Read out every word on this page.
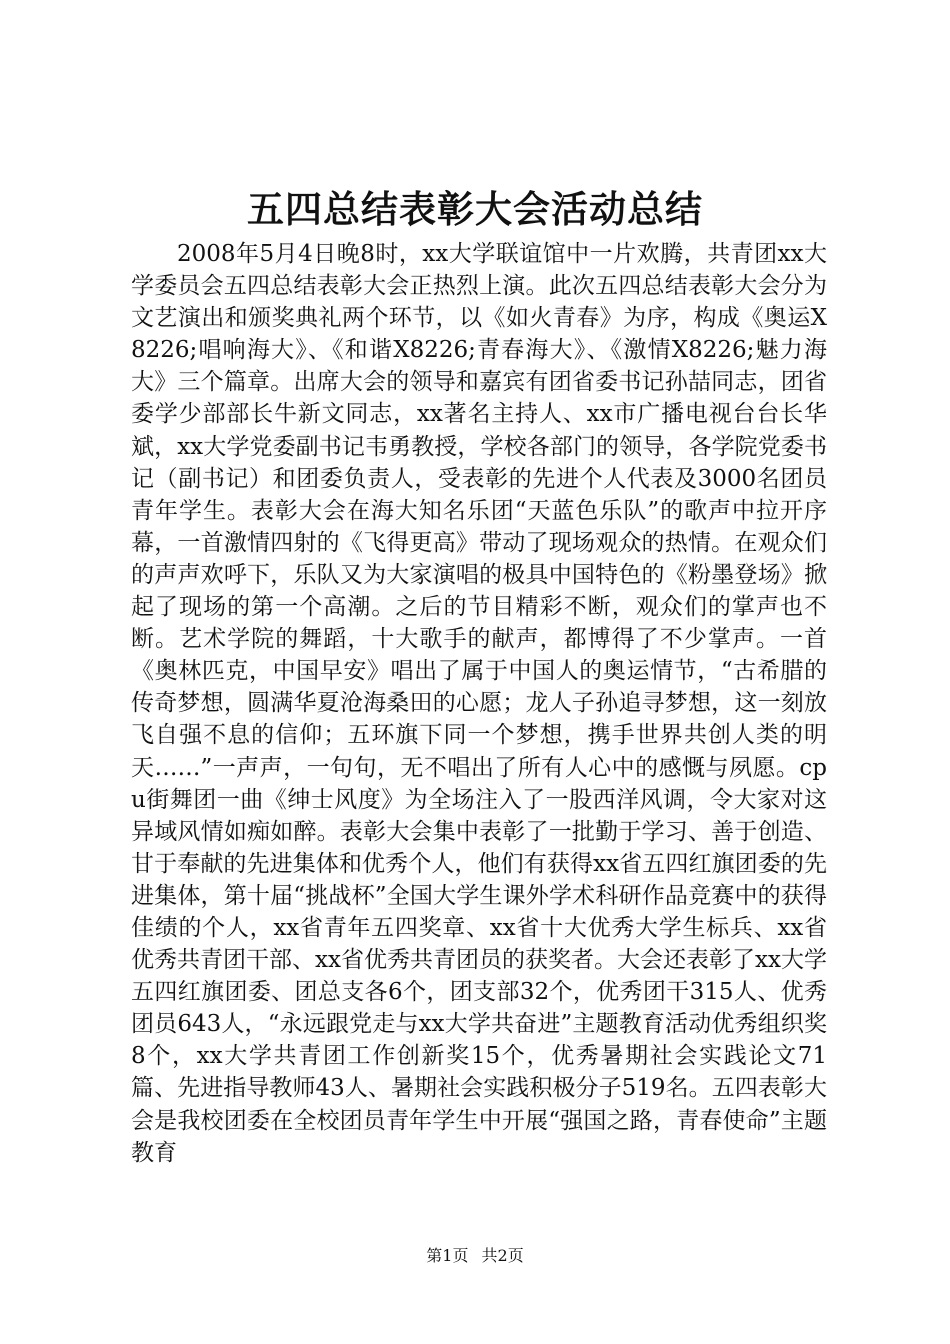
五四总结表彰大会活动总结

2008年5月4日晚8时，xx大学联谊馆中一片欢腾，共青团xx大学委员会五四总结表彰大会正热烈上演。此次五四总结表彰大会分为文艺演出和颁奖典礼两个环节，以《如火青春》为序，构成《奥运X8226;唱响海大》、《和谐X8226;青春海大》、《激情X8226;魅力海大》三个篇章。出席大会的领导和嘉宾有团省委书记孙喆同志，团省委学少部部长牛新文同志，xx著名主持人、xx市广播电视台台长华斌，xx大学党委副书记韦勇教授，学校各部门的领导，各学院党委书记（副书记）和团委负责人，受表彰的先进个人代表及3000名团员青年学生。表彰大会在海大知名乐团“天蓝色乐队”的歌声中拉开序幕，一首激情四射的《飞得更高》带动了现场观众的热情。在观众们的声声欢呼下，乐队又为大家演唱的极具中国特色的《粉墨登场》掀起了现场的第一个高潮。之后的节目精彩不断，观众们的掌声也不断。艺术学院的舞蹈，十大歌手的献声，都博得了不少掌声。一首《奥林匹克，中国早安》唱出了属于中国人的奥运情节，“古希腊的传奇梦想，圆满华夏沧海桑田的心愿；龙人子孙追寻梦想，这一刻放飞自强不息的信仰；五环旗下同一个梦想，携手世界共创人类的明天……”一声声，一句句，无不唱出了所有人心中的感慨与夙愿。cpu街舞团一曲《绅士风度》为全场注入了一股西洋风调，令大家对这异域风情如痴如醉。表彰大会集中表彰了一批勤于学习、善于创造、甘于奉献的先进集体和优秀个人，他们有获得xx省五四红旗团委的先进集体，第十届“挑战杯”全国大学生课外学术科研作品竞赛中的获得佳绩的个人，xx省青年五四奖章、xx省十大优秀大学生标兵、xx省优秀共青团干部、xx省优秀共青团员的获奖者。大会还表彰了xx大学五四红旗团委、团总支各6个，团支部32个，优秀团干315人、优秀团员643人，“永远跟党走与xx大学共奋进”主题教育活动优秀组织奖8个，xx大学共青团工作创新奖15个，优秀暑期社会实践论文71篇、先进指导教师43人、暑期社会实践积极分子519名。五四表彰大会是我校团委在全校团员青年学生中开展“强国之路，青春使命”主题教育

第1页 共2页
